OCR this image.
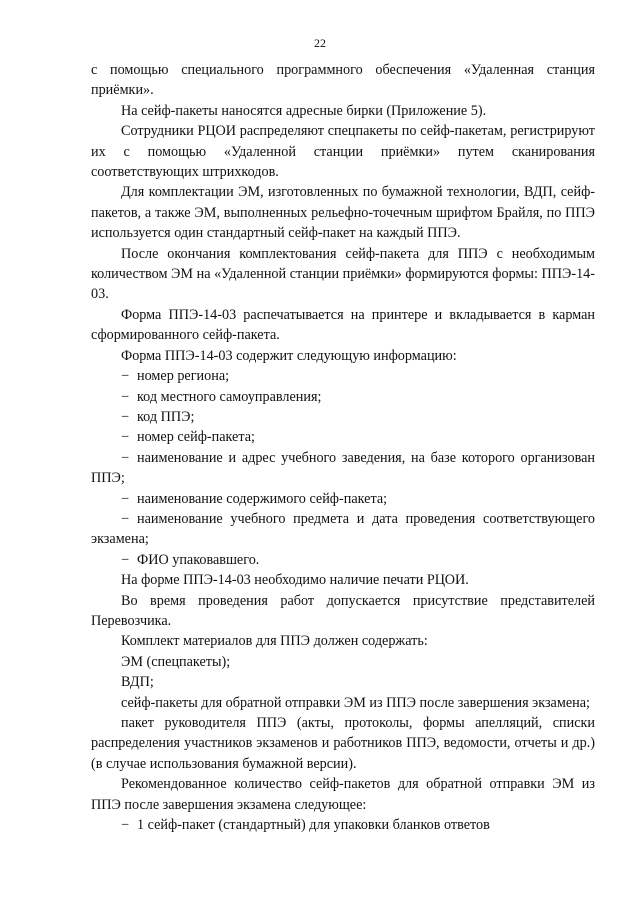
22

с помощью специального программного обеспечения «Удаленная станция приёмки».

На сейф-пакеты наносятся адресные бирки (Приложение 5).

Сотрудники РЦОИ распределяют спецпакеты по сейф-пакетам, регистрируют их с помощью «Удаленной станции приёмки» путем сканирования соответствующих штрихкодов.

Для комплектации ЭМ, изготовленных по бумажной технологии, ВДП, сейф-пакетов, а также ЭМ, выполненных рельефно-точечным шрифтом Брайля, по ППЭ используется один стандартный сейф-пакет на каждый ППЭ.

После окончания комплектования сейф-пакета для ППЭ с необходимым количеством ЭМ на «Удаленной станции приёмки» формируются формы: ППЭ-14-03.

Форма ППЭ-14-03 распечатывается на принтере и вкладывается в карман сформированного сейф-пакета.

Форма ППЭ-14-03 содержит следующую информацию:

− номер региона;

− код местного самоуправления;

− код ППЭ;

− номер сейф-пакета;

− наименование и адрес учебного заведения, на базе которого организован ППЭ;

− наименование содержимого сейф-пакета;

− наименование учебного предмета и дата проведения соответствующего экзамена;

− ФИО упаковавшего.

На форме ППЭ-14-03 необходимо наличие печати РЦОИ.

Во время проведения работ допускается присутствие представителей Перевозчика.

Комплект материалов для ППЭ должен содержать:

ЭМ (спецпакеты);

ВДП;

сейф-пакеты для обратной отправки ЭМ из ППЭ после завершения экзамена;

пакет руководителя ППЭ (акты, протоколы, формы апелляций, списки распределения участников экзаменов и работников ППЭ, ведомости, отчеты и др.) (в случае использования бумажной версии).

Рекомендованное количество сейф-пакетов для обратной отправки ЭМ из ППЭ после завершения экзамена следующее:

− 1 сейф-пакет (стандартный) для упаковки бланков ответов
